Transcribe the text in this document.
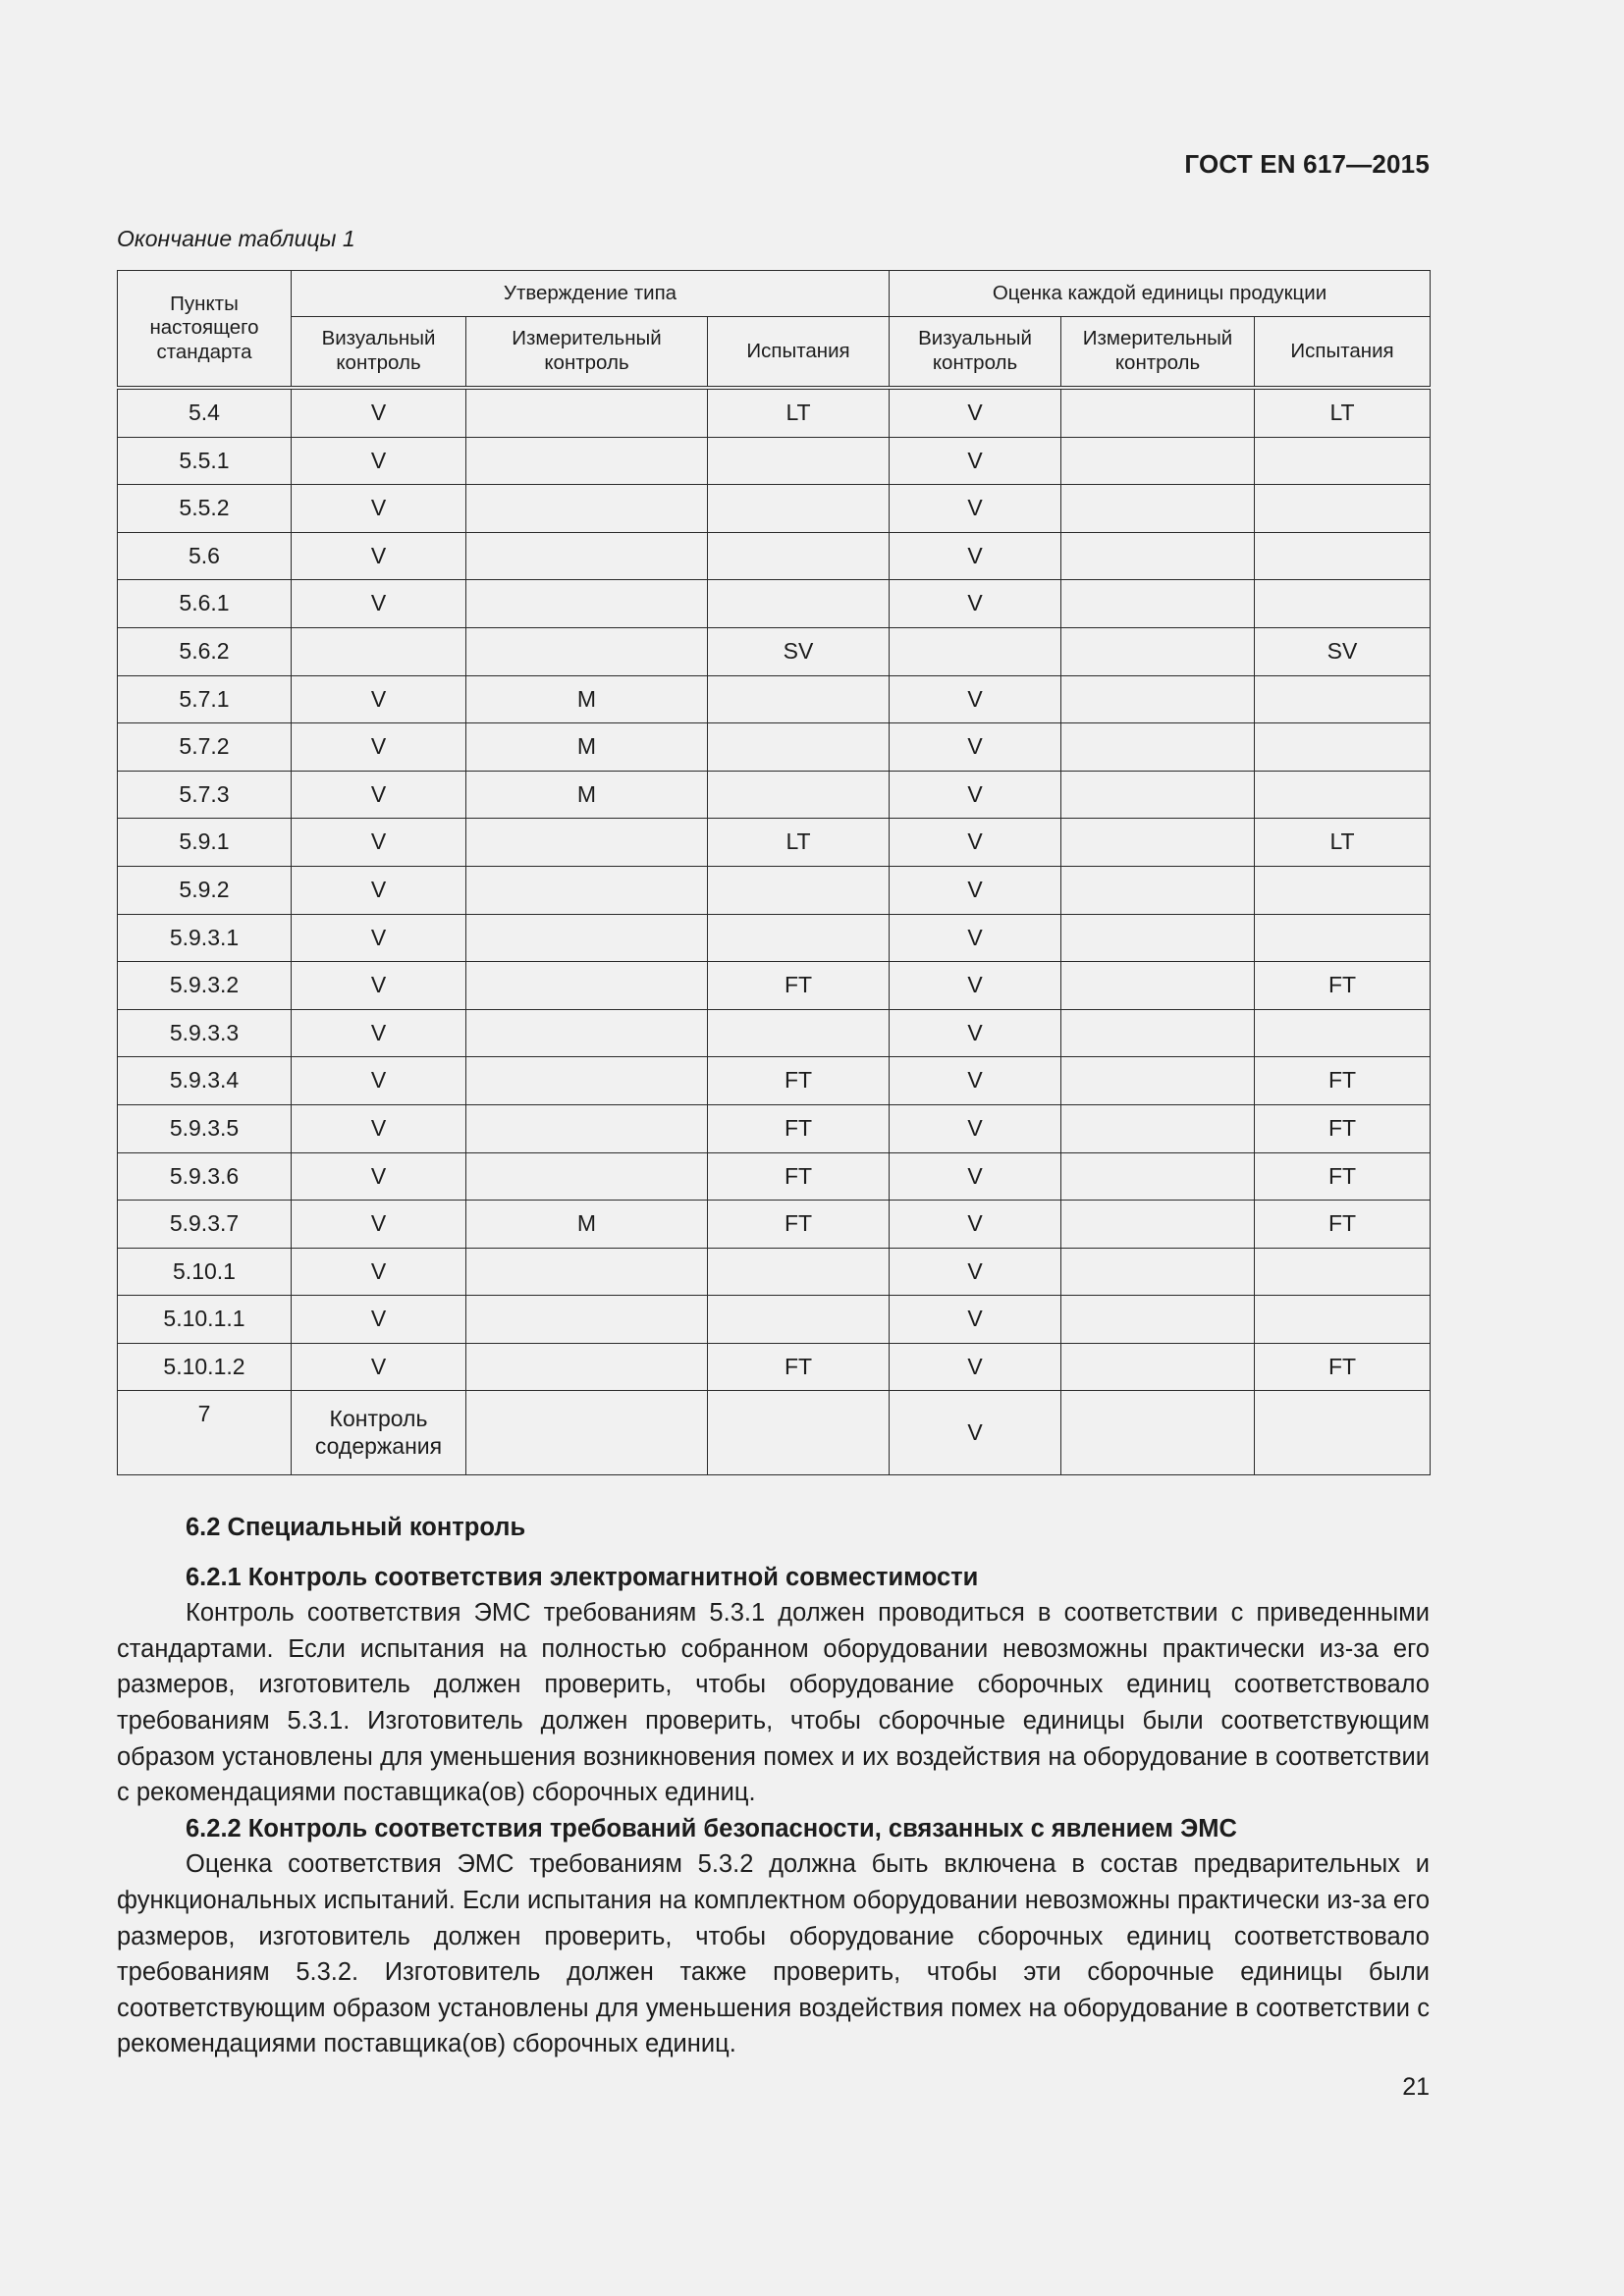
ГОСТ EN 617—2015
Окончание таблицы 1
Пункты настоящего стандарта	Утверждение типа			Оценка каждой единицы продукции		
	Визуальный контроль	Измерительный контроль	Испытания	Визуальный контроль	Измерительный контроль	Испытания
5.4	V		LT	V		LT
5.5.1	V			V		
5.5.2	V			V		
5.6	V			V		
5.6.1	V			V		
5.6.2			SV			SV
5.7.1	V	M		V		
5.7.2	V	M		V		
5.7.3	V	M		V		
5.9.1	V		LT	V		LT
5.9.2	V			V		
5.9.3.1	V			V		
5.9.3.2	V		FT	V		FT
5.9.3.3	V			V		
5.9.3.4	V		FT	V		FT
5.9.3.5	V		FT	V		FT
5.9.3.6	V		FT	V		FT
5.9.3.7	V	M	FT	V		FT
5.10.1	V			V		
5.10.1.1	V			V		
5.10.1.2	V		FT	V		FT
7	Контроль содержания			V		

6.2 Специальный контроль

6.2.1 Контроль соответствия электромагнитной совместимости

Контроль соответствия ЭМС требованиям 5.3.1 должен проводиться в соответствии с приведенными стандартами. Если испытания на полностью собранном оборудовании невозможны практически из-за его размеров, изготовитель должен проверить, чтобы оборудование сборочных единиц соответствовало требованиям 5.3.1. Изготовитель должен проверить, чтобы сборочные единицы были соответствующим образом установлены для уменьшения возникновения помех и их воздействия на оборудование в соответствии с рекомендациями поставщика(ов) сборочных единиц.

6.2.2 Контроль соответствия требований безопасности, связанных с явлением ЭМС

Оценка соответствия ЭМС требованиям 5.3.2 должна быть включена в состав предварительных и функциональных испытаний. Если испытания на комплектном оборудовании невозможны практически из-за его размеров, изготовитель должен проверить, чтобы оборудование сборочных единиц соответствовало требованиям 5.3.2. Изготовитель должен также проверить, чтобы эти сборочные единицы были соответствующим образом установлены для уменьшения воздействия помех на оборудование в соответствии с рекомендациями поставщика(ов) сборочных единиц.

21
